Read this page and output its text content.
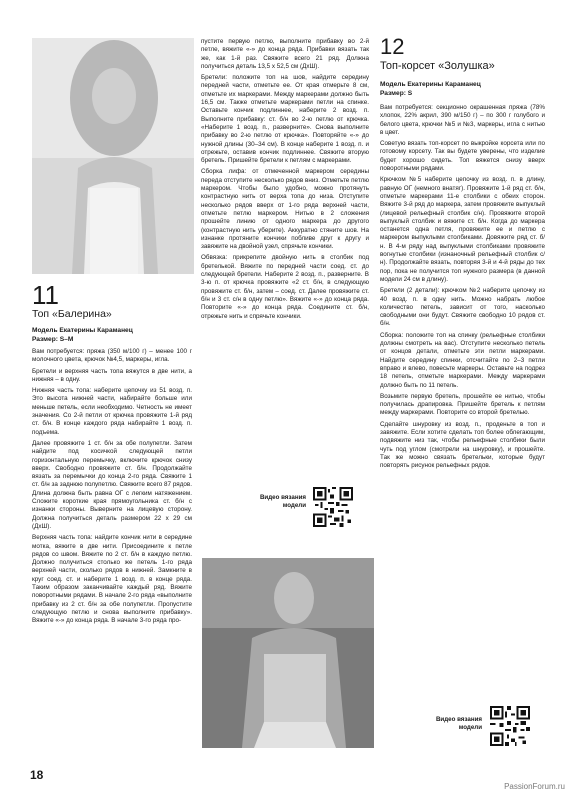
11
Топ «Балерина»
Модель Екатерины Караманец
Размер: S–M

Вам потребуется: пряжа (350 м/100 г) – менее 100 г молочного цвета, крючок №4,5, маркеры, игла.

Бретели и верхняя часть топа вяжутся в две нити, а нижняя – в одну.

Нижняя часть топа: наберите цепочку из 51 возд. п. Это высота нижней части, набирайте больше или меньше петель, если необходимо. Четность не имеет значения. Со 2-й петли от крючка провяжите 1-й ряд ст. б/н. В конце каждого ряда набирайте 1 возд. п. подъема.

Далее провяжите 1 ст. б/н за обе полупетли. Затем найдите под косичкой следующей петли горизонтальную перемычку, включите крючок снизу вверх. Свободно провяжите ст. б/н. Продолжайте вязать за перемычки до конца 2-го ряда. Свяжите 1 ст. б/н за заднюю полупетлю. Свяжите всего 87 рядов. Длина должна быть равна ОГ с легким натяжением. Сложите короткие края прямоугольника ст. б/н с изнанки стороны. Выверните на лицевую сторону. Должна получиться деталь размером 22 х 29 см (ДхШ).

Верхняя часть топа: найдите кончик нити в середине мотка, вяжите в две нити. Присоедините к петле рядов со швом. Вяжите по 2 ст. б/н в каждую петлю. Должно получиться столько же петель 1-го ряда верхней части, сколько рядов в нижней. Замкните в круг соед. ст. и наберите 1 возд. п. в конце ряда. Таким образом заканчивайте каждый ряд. Вяжите поворотными рядами. В начале 2-го ряда «выполните прибавку из 2 ст. б/н за обе полупетли. Пропустите следующую петлю и снова выполните прибавку». Вяжите «-» до конца ряда. В начале 3-го ряда про-

пустите первую петлю, выполните прибавку во 2-й петле, вяжите «-» до конца ряда. Прибавки вязать так же, как 1-й раз. Свяжите всего 21 ряд. Должна получиться деталь 13,5 х 52,5 см (ДхШ).

Бретели: положите топ на шов, найдите середину передней части, отметьте ее. От края отмерьте 8 см, отметьте их маркерами. Между маркерами должно быть 16,5 см. Также отметьте маркерами петли на спинке. Оставьте кончик подлиннее, наберите 2 возд. п. Выполните прибавку: ст. б/н во 2-ю петлю от крючка. «Наберите 1 возд. п., разверните». Снова выполните прибавку во 2-ю петлю от крючка». Повторяйте «-» до нужной длины (30–34 см). В конце наберите 1 возд. п. и отрежьте, оставив кончик подлиннее. Свяжите вторую бретель. Пришейте бретели к петлям с маркерами.

Сборка лифа: от отмеченной маркером середины переда отступите несколько рядов вниз. Отметьте петлю маркером. Чтобы было удобно, можно протянуть контрастную нить от верха топа до низа. Отступите несколько рядов вверх от 1-го ряда верхней части, отметьте петлю маркером. Нитью в 2 сложения прошейте линию от одного маркера до другого (контрастную нить уберите). Аккуратно стяните шов. На изнанке протяните кончики побливе друг к другу и завяжите на двойной узел, спрячьте кончики.

Обвязка: прикрепите двойную нить в столбик под бретелькой. Вяжите по передней части соед. ст. до следующей бретели. Наберите 2 возд. п., разверните. В 3-ю п. от крючка провяжите «2 ст. б/н, в следующую провяжите ст. б/н, затем – соед. ст. Далее провяжите ст. б/н и 3 ст. с/н в одну петлю». Вяжите «-» до конца ряда. Повторите «-» до конца ряда. Соедините ст. б/н, отрежьте нить и спрячьте кончики.

Видео вязания
модели
12
Топ-корсет «Золушка»
Модель Екатерины Караманец
Размер: S

Вам потребуется: секционно окрашенная пряжа (78% хлопок, 22% акрил, 390 м/150 г) – по 300 г голубого и белого цвета, крючки №5 и №3, маркеры, игла с нитью в цвет.

Советую вязать топ-корсет по выкройке корсета или по готовому корсету. Так вы будете уверены, что изделие будет хорошо сидеть. Топ вяжется снизу вверх поворотными рядами.

Крючком №5 наберите цепочку из возд. п. в длину, равную ОГ (немного внатяг). Провяжите 1-й ряд ст. б/н, отметьте маркерами 11-е столбики с обеих сторон. Вяжите 3-й ряд до маркера, затем провяжите выпуклый (лицевой рельефный столбик с/н). Провяжите второй выпуклый столбик и вяжите ст. б/н. Когда до маркера останется одна петля, провяжите ее и петлю с маркером выпуклыми столбиками. Довяжите ряд ст. б/н. В 4-м ряду над выпуклыми столбиками провяжите вогнутые столбики (изнаночный рельефный столбик с/н). Продолжайте вязать, повторяя 3-й и 4-й ряды до тех пор, пока не получится топ нужного размера (в данной модели 24 см в длину).

Бретели (2 детали): крючком №2 наберите цепочку из 40 возд. п. в одну нить. Можно набрать любое количество петель, зависит от того, насколько свободными они будут. Свяжите свободно 10 рядов ст. б/н.

Сборка: положите топ на спинку (рельефные столбики должны смотреть на вас). Отступите несколько петель от концов детали, отметьте эти петли маркерами. Найдите середину спинки, отсчитайте по 2–3 петли вправо и влево, повесьте маркеры. Оставьте на подрез 18 петель, отметьте маркерами. Между маркерами должно быть по 11 петель.

Возьмите первую бретель, прошейте ее нитью, чтобы получилась драпировка. Пришейте бретель к петлям между маркерами. Повторите со второй бретелью.

Сделайте шнуровку из возд. п., проденьте в топ и завяжите. Если хотите сделать топ более облегающим, подвяжите низ так, чтобы рельефные столбики были чуть под углом (смотрели на шнуровку), и прошейте. Так же можно связать бретельки, которые будут повторять рисунок рельефных рядов.

Видео вязания
модели
18
PassionForum.ru
